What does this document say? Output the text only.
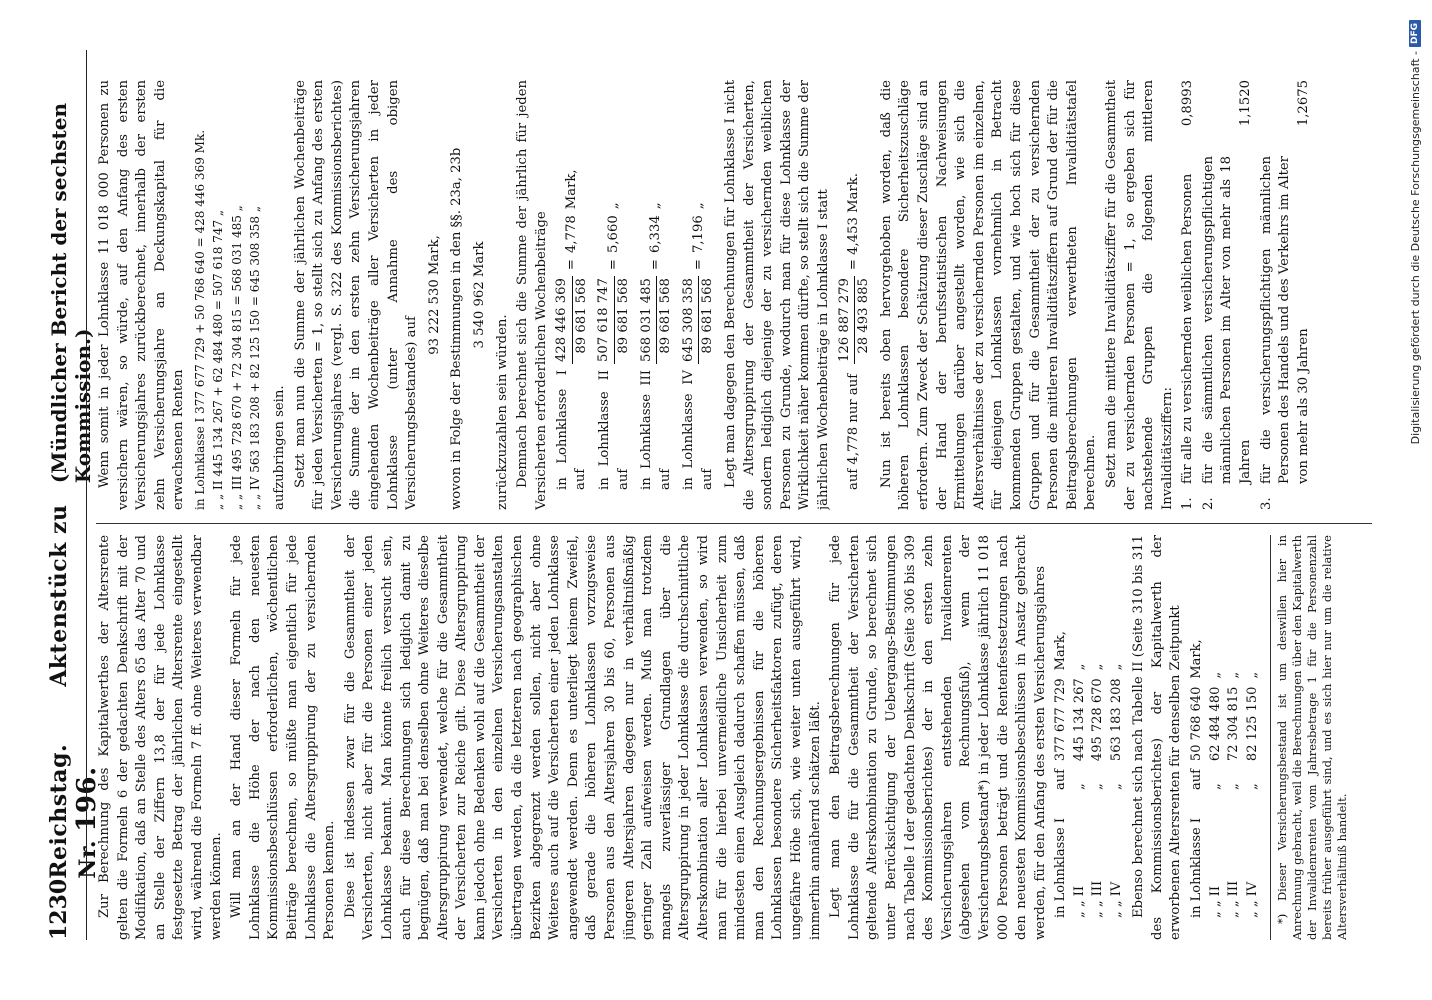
1230
Reichstag.       Aktenstück zu Nr. 196.
(Mündlicher Bericht der sechsten Kommission.)

Zur Berechnung des Kapitalwerthes der Altersrente gelten die Formeln 6 der gedachten Denkschrift mit der Modifikation, daß an Stelle des Alters 65 das Alter 70 und an Stelle der Ziffern 13,8 der für jede Lohnklasse festgesetzte Betrag der jährlichen Altersrente eingestellt wird, während die Formeln 7 ff. ohne Weiteres verwendbar werden können. Will man an der Hand dieser Formeln für jede Lohnklasse die Höhe der nach den neuesten Kommissionsbeschlüssen erforderlichen, wöchentlichen Beiträge berechnen, so müßte man eigentlich für jede Lohnklasse die Altersgruppirung der zu versichernden Personen kennen. Diese ist indessen zwar für die Gesammtheit der Versicherten, nicht aber für die Personen einer jeden Lohnklasse bekannt. Man könnte freilich versucht sein, auch für diese Berechnungen sich lediglich damit zu begnügen, daß man bei denselben ohne Weiteres dieselbe Altersgruppirung verwendet, welche für die Gesammtheit der Versicherten zur Reiche gilt. Diese Altersgruppirung kann jedoch ohne Bedenken wohl auf die Gesammtheit der Versicherten in den einzelnen Versicherungsanstalten übertragen werden, da die letzteren nach geographischen Bezirken abgegrenzt werden sollen, nicht aber ohne Weiteres auch auf die Versicherten einer jeden Lohnklasse angewendet werden. Denn es unterliegt keinem Zweifel, daß gerade die höheren Lohnklassen vorzugsweise Personen aus den Altersjahren 30 bis 60, Personen aus jüngeren Altersjahren dagegen nur in verhältnißmäßig geringer Zahl aufweisen werden. Muß man trotzdem mangels zuverlässiger Grundlagen über die Altersgruppirung in jeder Lohnklasse die durchschnittliche Alterskombination aller Lohnklassen verwenden, so wird man für die hierbei unvermeidliche Unsicherheit zum mindesten einen Ausgleich dadurch schaffen müssen, daß man den Rechnungsergebnissen für die höheren Lohnklassen besondere Sicherheitsfaktoren zufügt, deren ungefähre Höhe sich, wie weiter unten ausgeführt wird, immerhin annähernd schätzen läßt. Legt man den Beitragsberechnungen für jede Lohnklasse die für die Gesammtheit der Versicherten geltende Alterskombination zu Grunde, so berechnet sich unter Berücksichtigung der Uebergangs-Bestimmungen nach Tabelle I der gedachten Denkschrift (Seite 306 bis 309 des Kommissionsberichtes) der in den ersten zehn Versicherungsjahren entstehenden Invalidenrenten (abgesehen vom Rechnungsfuß), wenn der Versicherungsbestand*) in jeder Lohnklasse jährlich 11 018 000 Personen beträgt und die Rentenfestsetzungen nach den neuesten Kommissionsbeschlüssen in Ansatz gebracht werden, für den Anfang des ersten Versicherungsjahres in Lohnklasse I	auf	377 677 729	Mark,
„ „ II	„	445 134 267	„
„ „ III	„	495 728 670	„
„ „ IV	„	563 183 208	„ Ebenso berechnet sich nach Tabelle II (Seite 310 bis 311 des Kommissionsberichtes) der Kapitalwerth der erworbenen Altersrenten für denselben Zeitpunkt in Lohnklasse I	auf	50 768 640	Mark,
„ „ II	„	62 484 480	„
„ „ III	„	72 304 815	„
„ „ IV	„	82 125 150	„	*) Dieser Versicherungsbestand ist um deswillen hier in Anrechnung gebracht, weil die Berechnungen über den Kapitalwerth der Invalidenrenten vom Jahresbetrage 1 für die Personenzahl bereits früher ausgeführt sind, und es sich hier nur um die relative Altersverhältniß handelt.

Wenn somit in jeder Lohnklasse 11 018 000 Personen zu versichern wären, so würde, auf den Anfang des ersten Versicherungsjahres zurückberechnet, innerhalb der ersten zehn Versicherungsjahre an Deckungskapital für die erwachsenen Renten in Lohnklasse I 377 677 729 + 50 768 640 = 428 446 369 Mk. „ „ II 445 134 267 + 62 484 480 = 507 618 747 „ „ „ III 495 728 670 + 72 304 815 = 568 031 485 „ „ „ IV 563 183 208 + 82 125 150 = 645 308 358 „ aufzubringen sein. Setzt man nun die Summe der jährlichen Wochenbeiträge für jeden Versicherten = 1, so stellt sich zu Anfang des ersten Versicherungsjahres (vergl. S. 322 des Kommissionsberichtes) die Summe der in den ersten zehn Versicherungsjahren eingehenden Wochenbeiträge aller Versicherten in jeder Lohnklasse (unter Annahme des obigen Versicherungsbestandes) auf

93 222 530 Mark, wovon in Folge der Bestimmungen in den §§. 23a, 23b 3 540 962 Mark

zurückzuzahlen sein würden. Demnach berechnet sich die Summe der jährlich für jeden Versicherten erforderlichen Wochenbeiträge in Lohnklasse I auf
428 446 369 89 681 568
=
4,778
Mark,
in Lohnklasse II auf
507 618 747 89 681 568
=
5,660
„
in Lohnklasse III auf
568 031 485 89 681 568
=
6,334
„
in Lohnklasse IV auf
645 308 358 89 681 568
=
7,196
„ Legt man dagegen den Berechnungen für Lohnklasse I nicht die Altersgruppirung der Gesammtheit der Versicherten, sondern lediglich diejenige der zu versichernden weiblichen Personen zu Grunde, wodurch man für diese Lohnklasse der Wirklichkeit näher kommen dürfte, so stellt sich die Summe der jährlichen Wochenbeiträge in Lohnklasse I statt auf 4,778 nur auf
126 887 279 28 493 885
= 4,453 Mark. Nun ist bereits oben hervorgehoben worden, daß die höheren Lohnklassen besondere Sicherheitszuschläge erfordern. Zum Zweck der Schätzung dieser Zuschläge sind an der Hand der berufsstatistischen Nachweisungen Ermittelungen darüber angestellt worden, wie sich die Altersverhältnisse der zu versichernden Personen im einzelnen, für diejenigen Lohnklassen vornehmlich in Betracht kommenden Gruppen gestalten, und wie hoch sich für diese Gruppen und für die Gesammtheit der zu versichernden Personen die mittleren Invaliditätsziffern auf Grund der für die Beitragsberechnungen verwertheten Invaliditätstafel berechnen. Setzt man die mittlere Invaliditätsziffer für die Gesammtheit der zu versichernden Personen = 1, so ergeben sich für nachstehende Gruppen die folgenden mittleren Invaliditätsziffern: 1.
für alle zu versichernden weiblichen Personen
0,8993
2.
für die sämmtlichen versicherungspflichtigen männlichen Personen im Alter von mehr als 18 Jahren
1,1520
3.
für die versicherungspflichtigen männlichen Personen des Handels und des Verkehrs im Alter von mehr als 30 Jahren
1,2675	Digitalisierung gefördert durch die Deutsche Forschungsgemeinschaft -
DFG
